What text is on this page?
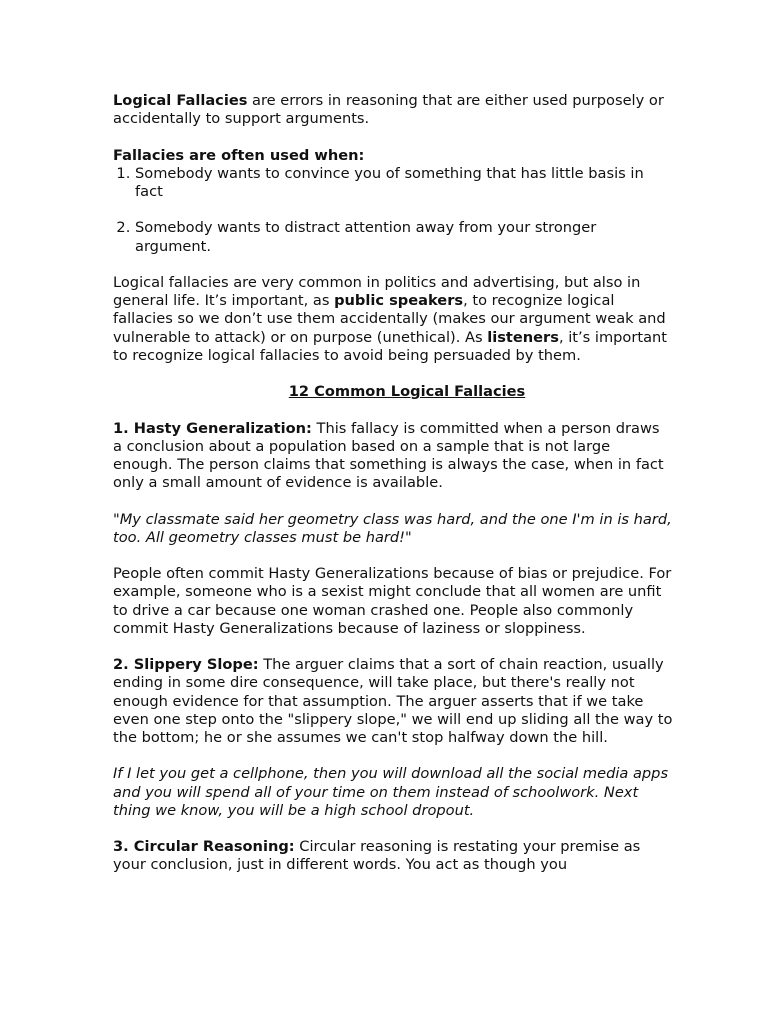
Logical Fallacies are errors in reasoning that are either used purposely or accidentally to support arguments.

Fallacies are often used when:

1. Somebody wants to convince you of something that has little basis in fact
2. Somebody wants to distract attention away from your stronger argument.

Logical fallacies are very common in politics and advertising, but also in general life. It’s important, as public speakers, to recognize logical fallacies so we don’t use them accidentally (makes our argument weak and vulnerable to attack) or on purpose (unethical). As listeners, it’s important to recognize logical fallacies to avoid being persuaded by them.

12 Common Logical Fallacies

1. Hasty Generalization: This fallacy is committed when a person draws a conclusion about a population based on a sample that is not large enough. The person claims that something is always the case, when in fact only a small amount of evidence is available.

"My classmate said her geometry class was hard, and the one I'm in is hard, too. All geometry classes must be hard!"

People often commit Hasty Generalizations because of bias or prejudice. For example, someone who is a sexist might conclude that all women are unfit to drive a car because one woman crashed one. People also commonly commit Hasty Generalizations because of laziness or sloppiness.

2. Slippery Slope: The arguer claims that a sort of chain reaction, usually ending in some dire consequence, will take place, but there's really not enough evidence for that assumption. The arguer asserts that if we take even one step onto the "slippery slope," we will end up sliding all the way to the bottom; he or she assumes we can't stop halfway down the hill.

If I let you get a cellphone, then you will download all the social media apps and you will spend all of your time on them instead of schoolwork. Next thing we know, you will be a high school dropout.

3. Circular Reasoning: Circular reasoning is restating your premise as your conclusion, just in different words. You act as though you
